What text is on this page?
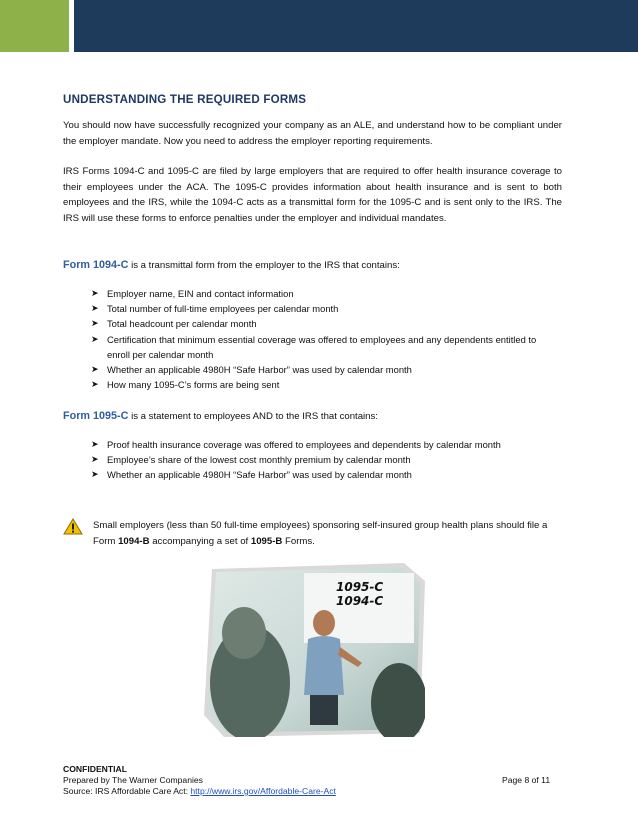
UNDERSTANDING THE REQUIRED FORMS
You should now have successfully recognized your company as an ALE, and understand how to be compliant under the employer mandate. Now you need to address the employer reporting requirements.
IRS Forms 1094-C and 1095-C are filed by large employers that are required to offer health insurance coverage to their employees under the ACA. The 1095-C provides information about health insurance and is sent to both employees and the IRS, while the 1094-C acts as a transmittal form for the 1095-C and is sent only to the IRS. The IRS will use these forms to enforce penalties under the employer and individual mandates.
Form 1094-C is a transmittal form from the employer to the IRS that contains:
➤ Employer name, EIN and contact information
➤ Total number of full-time employees per calendar month
➤ Total headcount per calendar month
➤ Certification that minimum essential coverage was offered to employees and any dependents entitled to enroll per calendar month
➤ Whether an applicable 4980H “Safe Harbor” was used by calendar month
➤ How many 1095-C’s forms are being sent
Form 1095-C is a statement to employees AND to the IRS that contains:
➤ Proof health insurance coverage was offered to employees and dependents by calendar month
➤ Employee’s share of the lowest cost monthly premium by calendar month
➤ Whether an applicable 4980H “Safe Harbor” was used by calendar month
Small employers (less than 50 full-time employees) sponsoring self-insured group health plans should file a Form 1094-B accompanying a set of 1095-B Forms.
1095-C
1094-C
CONFIDENTIAL
Prepared by The Warner Companies	Page 8 of 11
Source: IRS Affordable Care Act: http://www.irs.gov/Affordable-Care-Act
